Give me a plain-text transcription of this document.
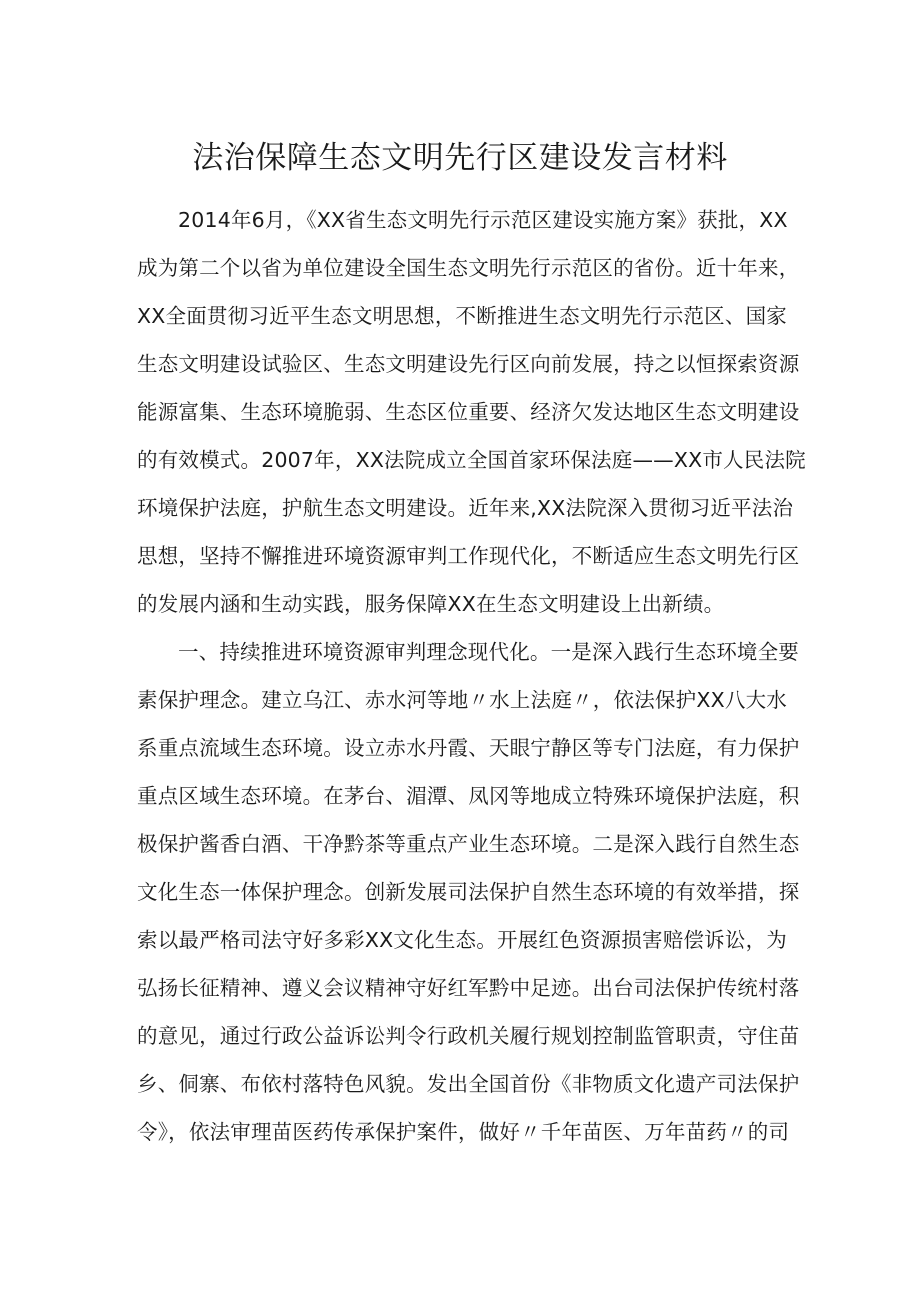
法治保障生态文明先行区建设发言材料
2014年6月，《XX省生态文明先行示范区建设实施方案》获批，XX
成为第二个以省为单位建设全国生态文明先行示范区的省份。近十年来，
XX全面贯彻习近平生态文明思想，不断推进生态文明先行示范区、国家
生态文明建设试验区、生态文明建设先行区向前发展，持之以恒探索资源
能源富集、生态环境脆弱、生态区位重要、经济欠发达地区生态文明建设
的有效模式。2007年，XX法院成立全国首家环保法庭——XX市人民法院
环境保护法庭，护航生态文明建设。近年来,XX法院深入贯彻习近平法治
思想，坚持不懈推进环境资源审判工作现代化，不断适应生态文明先行区
的发展内涵和生动实践，服务保障XX在生态文明建设上出新绩。
一、持续推进环境资源审判理念现代化。一是深入践行生态环境全要
素保护理念。建立乌江、赤水河等地〃水上法庭〃，依法保护XX八大水
系重点流域生态环境。设立赤水丹霞、天眼宁静区等专门法庭，有力保护
重点区域生态环境。在茅台、湄潭、凤冈等地成立特殊环境保护法庭，积
极保护酱香白酒、干净黔茶等重点产业生态环境。二是深入践行自然生态
文化生态一体保护理念。创新发展司法保护自然生态环境的有效举措，探
索以最严格司法守好多彩XX文化生态。开展红色资源损害赔偿诉讼，为
弘扬长征精神、遵义会议精神守好红军黔中足迹。出台司法保护传统村落
的意见，通过行政公益诉讼判令行政机关履行规划控制监管职责，守住苗
乡、侗寨、布依村落特色风貌。发出全国首份《非物质文化遗产司法保护
令》，依法审理苗医药传承保护案件，做好〃千年苗医、万年苗药〃的司
